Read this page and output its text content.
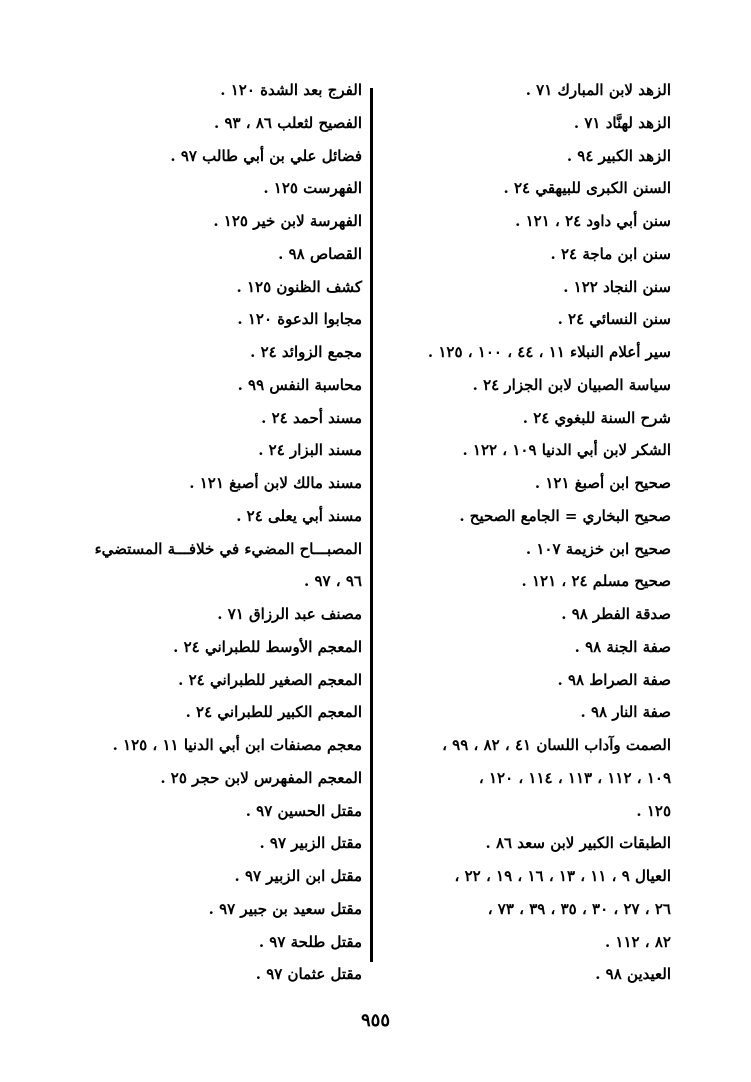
الزهد لابن المبارك ٧١ .
الزهد لهنَّاد ٧١ .
الزهد الكبير ٩٤ .
السنن الكبرى للبيهقي ٢٤ .
سنن أبي داود ٢٤ ، ١٢١ .
سنن ابن ماجة ٢٤ .
سنن النجاد ١٢٢ .
سنن النسائي ٢٤ .
سير أعلام النبلاء ١١ ، ٤٤ ، ١٠٠ ، ١٢٥ .
سياسة الصبيان لابن الجزار ٢٤ .
شرح السنة للبغوي ٢٤ .
الشكر لابن أبي الدنيا ١٠٩ ، ١٢٢ .
صحيح ابن أصبغ ١٢١ .
صحيح البخاري = الجامع الصحيح .
صحيح ابن خزيمة ١٠٧ .
صحيح مسلم ٢٤ ، ١٢١ .
صدقة الفطر ٩٨ .
صفة الجنة ٩٨ .
صفة الصراط ٩٨ .
صفة النار ٩٨ .
الصمت وآداب اللسان ٤١ ، ٨٢ ، ٩٩ ،
١٠٩ ، ١١٢ ، ١١٣ ، ١١٤ ، ١٢٠ ،
١٢٥ .
الطبقات الكبير لابن سعد ٨٦ .
العيال ٩ ، ١١ ، ١٣ ، ١٦ ، ١٩ ، ٢٢ ،
٢٦ ، ٢٧ ، ٣٠ ، ٣٥ ، ٣٩ ، ٧٣ ،
٨٢ ، ١١٢ .
العيدين ٩٨ .
الفرج بعد الشدة ١٢٠ .
الفصيح لثعلب ٨٦ ، ٩٣ .
فضائل علي بن أبي طالب ٩٧ .
الفهرست ١٢٥ .
الفهرسة لابن خير ١٢٥ .
القصاص ٩٨ .
كشف الظنون ١٢٥ .
مجابوا الدعوة ١٢٠ .
مجمع الزوائد ٢٤ .
محاسبة النفس ٩٩ .
مسند أحمد ٢٤ .
مسند البزار ٢٤ .
مسند مالك لابن أصبغ ١٢١ .
مسند أبي يعلى ٢٤ .
المصبـــاح المضيء في خلافـــة المستضيء
٩٦ ، ٩٧ .
مصنف عبد الرزاق ٧١ .
المعجم الأوسط للطبراني ٢٤ .
المعجم الصغير للطبراني ٢٤ .
المعجم الكبير للطبراني ٢٤ .
معجم مصنفات ابن أبي الدنيا ١١ ، ١٢٥ .
المعجم المفهرس لابن حجر ٢٥ .
مقتل الحسين ٩٧ .
مقتل الزبير ٩٧ .
مقتل ابن الزبير ٩٧ .
مقتل سعيد بن جبير ٩٧ .
مقتل طلحة ٩٧ .
مقتل عثمان ٩٧ .
٩٥٥
